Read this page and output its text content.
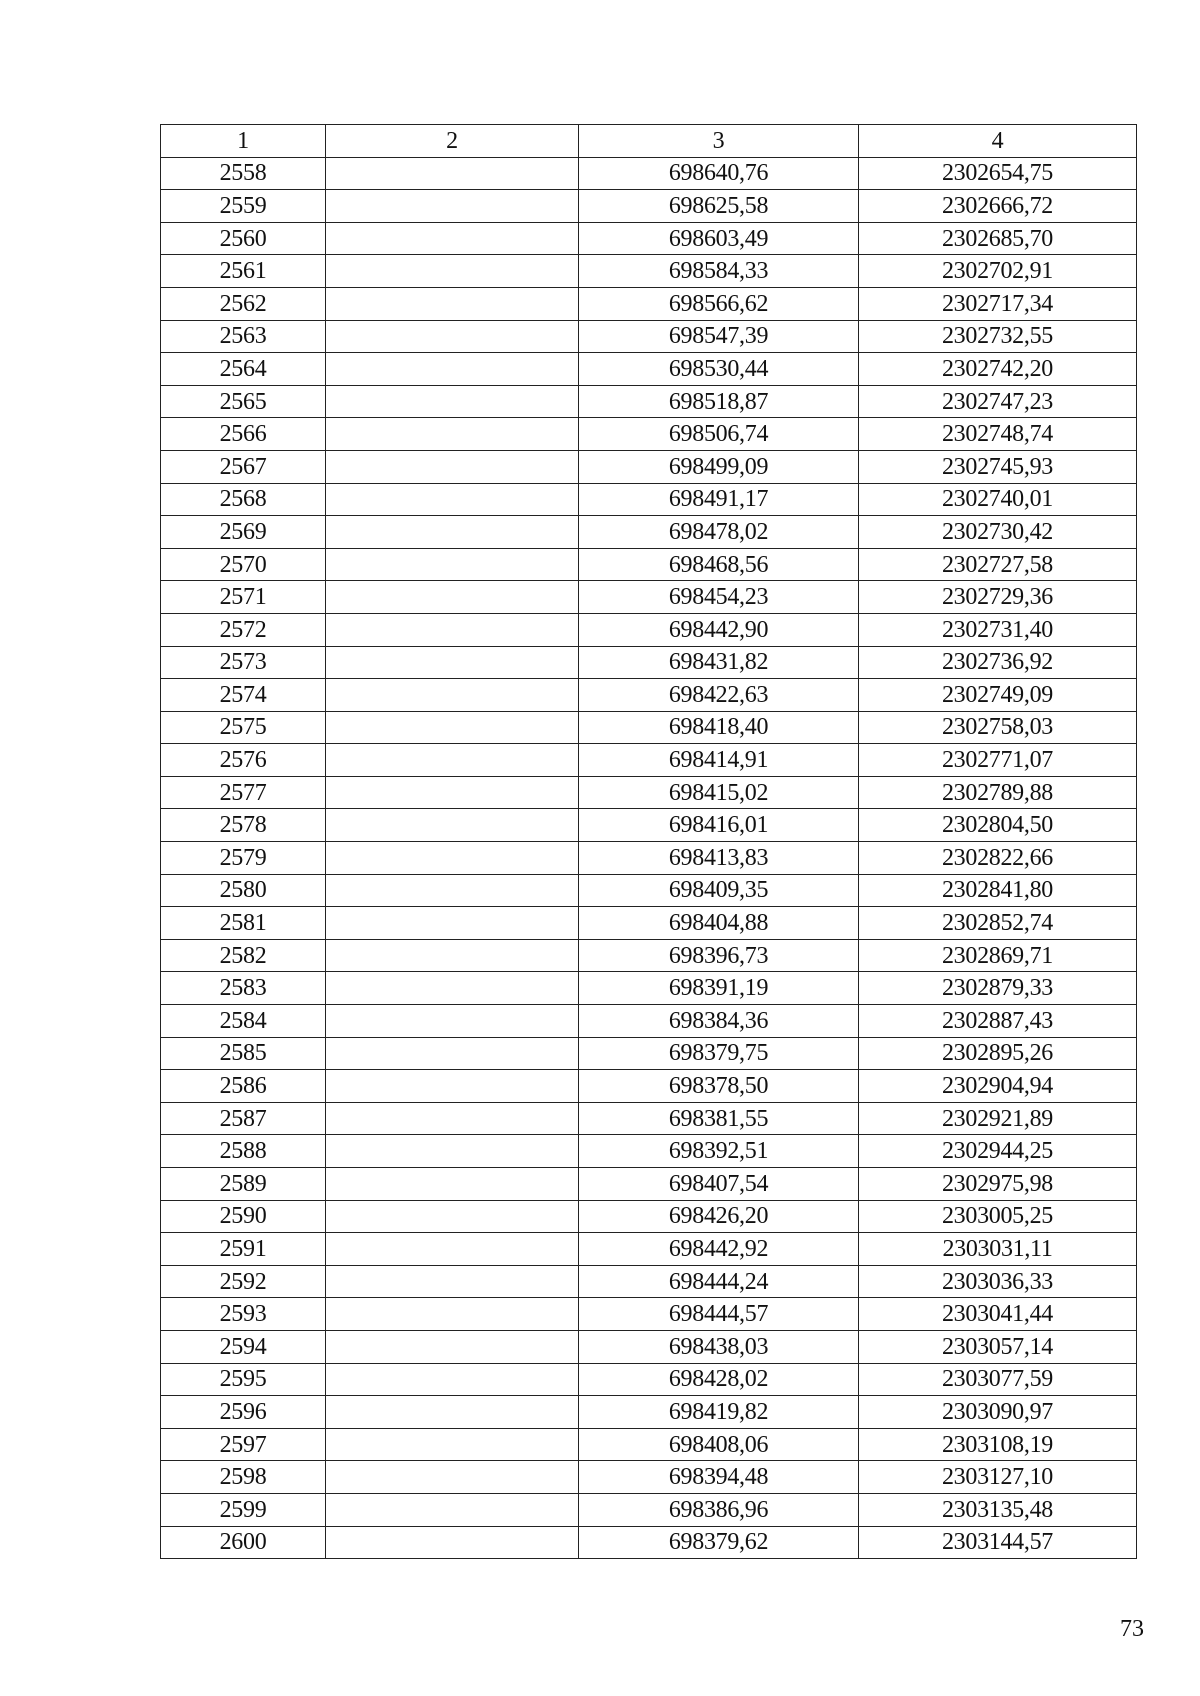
1	2	3	4
2558		698640,76	2302654,75
2559		698625,58	2302666,72
2560		698603,49	2302685,70
2561		698584,33	2302702,91
2562		698566,62	2302717,34
2563		698547,39	2302732,55
2564		698530,44	2302742,20
2565		698518,87	2302747,23
2566		698506,74	2302748,74
2567		698499,09	2302745,93
2568		698491,17	2302740,01
2569		698478,02	2302730,42
2570		698468,56	2302727,58
2571		698454,23	2302729,36
2572		698442,90	2302731,40
2573		698431,82	2302736,92
2574		698422,63	2302749,09
2575		698418,40	2302758,03
2576		698414,91	2302771,07
2577		698415,02	2302789,88
2578		698416,01	2302804,50
2579		698413,83	2302822,66
2580		698409,35	2302841,80
2581		698404,88	2302852,74
2582		698396,73	2302869,71
2583		698391,19	2302879,33
2584		698384,36	2302887,43
2585		698379,75	2302895,26
2586		698378,50	2302904,94
2587		698381,55	2302921,89
2588		698392,51	2302944,25
2589		698407,54	2302975,98
2590		698426,20	2303005,25
2591		698442,92	2303031,11
2592		698444,24	2303036,33
2593		698444,57	2303041,44
2594		698438,03	2303057,14
2595		698428,02	2303077,59
2596		698419,82	2303090,97
2597		698408,06	2303108,19
2598		698394,48	2303127,10
2599		698386,96	2303135,48
2600		698379,62	2303144,57
73
